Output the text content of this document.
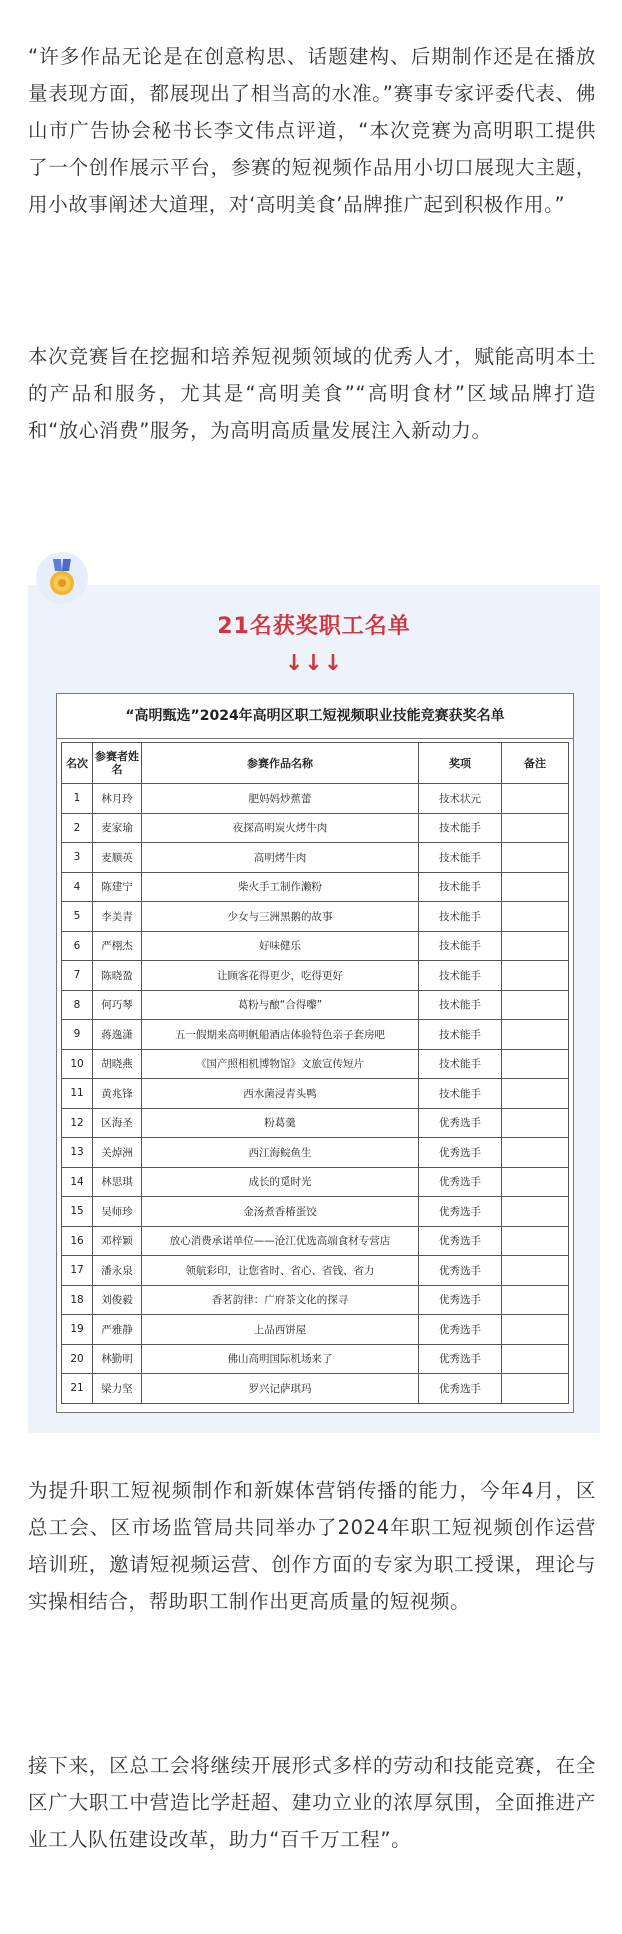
“许多作品无论是在创意构思、话题建构、后期制作还是在播放量表现方面，都展现出了相当高的水准。”赛事专家评委代表、佛山市广告协会秘书长李文伟点评道，“本次竞赛为高明职工提供了一个创作展示平台，参赛的短视频作品用小切口展现大主题，用小故事阐述大道理，对‘高明美食’品牌推广起到积极作用。”

本次竞赛旨在挖掘和培养短视频领域的优秀人才，赋能高明本土的产品和服务，尤其是“高明美食”“高明食材”区域品牌打造和“放心消费”服务，为高明高质量发展注入新动力。

21名获奖职工名单
↓↓↓
“高明甄选”2024年高明区职工短视频职业技能竞赛获奖名单
名次	参赛者姓名	参赛作品名称	奖项	备注
1	林月玲	肥妈妈炒蕉蕾	技术状元	
2	麦家瑜	夜探高明炭火烤牛肉	技术能手	
3	麦顺英	高明烤牛肉	技术能手	
4	陈建宁	柴火手工制作濑粉	技术能手	
5	李美青	少女与三洲黑鹅的故事	技术能手	
6	严栩杰	好味健乐	技术能手	
7	陈晓盈	让顾客花得更少，吃得更好	技术能手	
8	何巧琴	葛粉与酿“合得嚟”	技术能手	
9	蒋逸潇	五一假期来高明帆船酒店体验特色亲子套房吧	技术能手	
10	胡晓燕	《国产照相机博物馆》文旅宣传短片	技术能手	
11	黄兆锋	西水菌浸青头鸭	技术能手	
12	区海圣	粉葛羹	优秀选手	
13	关焯洲	西江海鲩鱼生	优秀选手	
14	林思琪	成长的觅时光	优秀选手	
15	吴师珍	金汤煮香椿蛋饺	优秀选手	
16	邓梓颖	放心消费承诺单位——沧江优选高端食材专营店	优秀选手	
17	潘永泉	领航彩印，让您省时、省心、省钱、省力	优秀选手	
18	刘俊毅	香茗韵律：广府茶文化的探寻	优秀选手	
19	严雅静	上品西饼屋	优秀选手	
20	林勤明	佛山高明国际机场来了	优秀选手	
21	梁力坚	罗兴记萨琪玛	优秀选手	

为提升职工短视频制作和新媒体营销传播的能力，今年4月，区总工会、区市场监管局共同举办了2024年职工短视频创作运营培训班，邀请短视频运营、创作方面的专家为职工授课，理论与实操相结合，帮助职工制作出更高质量的短视频。

接下来，区总工会将继续开展形式多样的劳动和技能竞赛，在全区广大职工中营造比学赶超、建功立业的浓厚氛围，全面推进产业工人队伍建设改革，助力“百千万工程”。
